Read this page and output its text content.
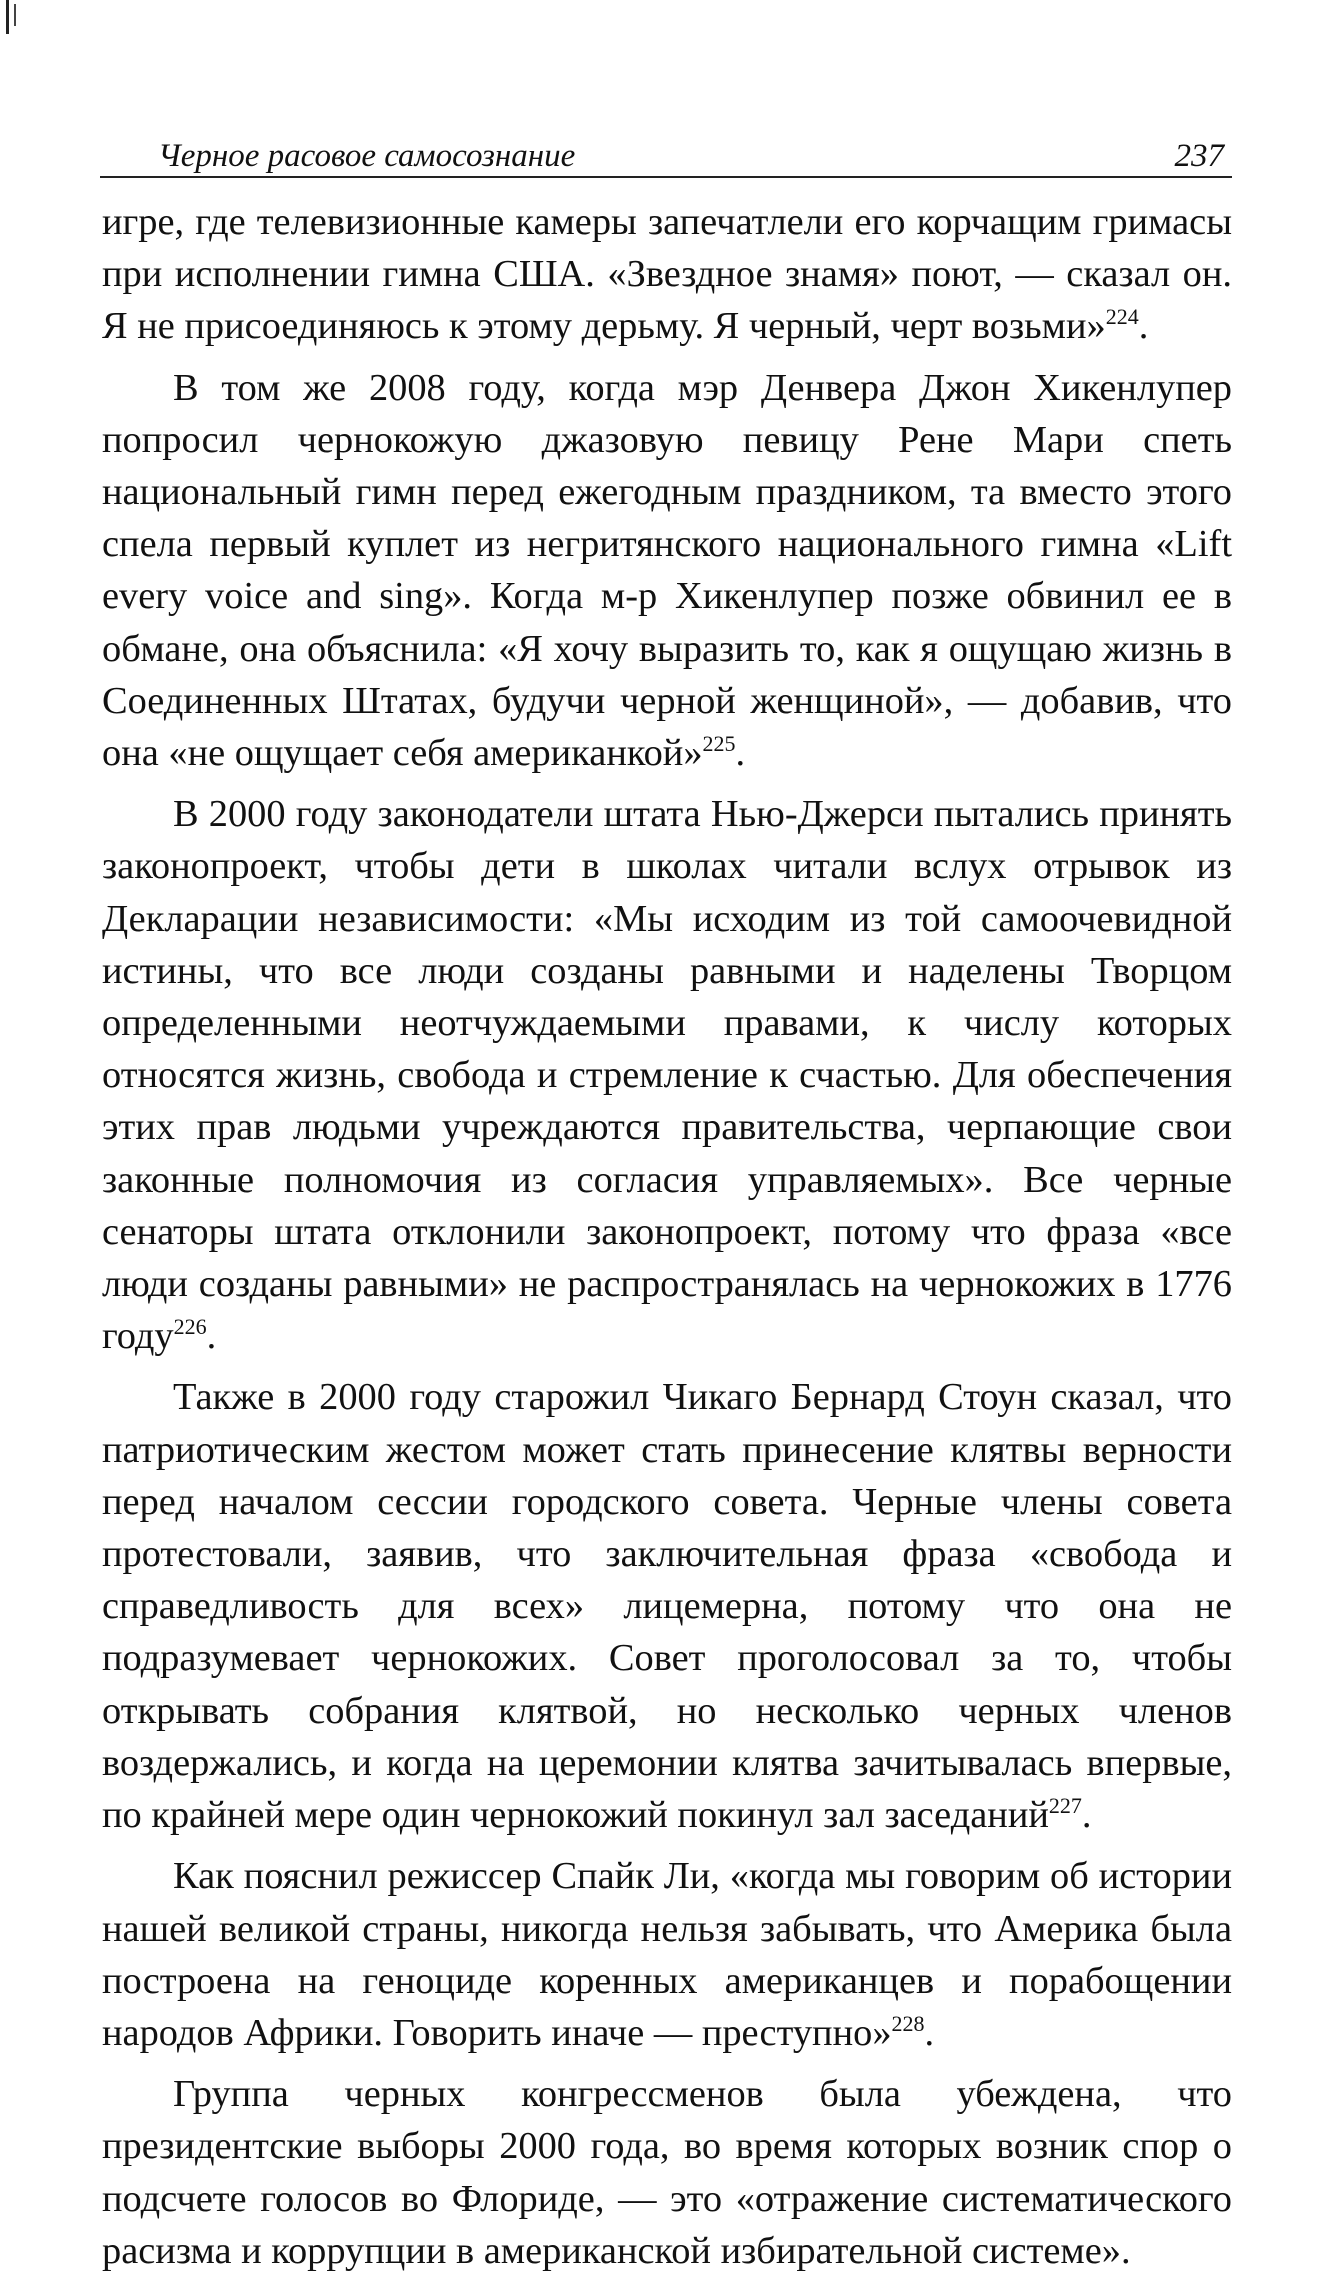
Черное расовое самосознание	237

игре, где телевизионные камеры запечатлели его корчащим гримасы при исполнении гимна США. «Звездное знамя» поют, — сказал он. Я не присоединяюсь к этому дерьму. Я черный, черт возьми»$^{224}$.

В том же 2008 году, когда мэр Денвера Джон Хикенлупер попросил чернокожую джазовую певицу Рене Мари спеть национальный гимн перед ежегодным праздником, та вместо этого спела первый куплет из негритянского национального гимна «Lift every voice and sing». Когда м-р Хикенлупер позже обвинил ее в обмане, она объяснила: «Я хочу выразить то, как я ощущаю жизнь в Соединенных Штатах, будучи черной женщиной», — добавив, что она «не ощущает себя американкой»$^{225}$.

В 2000 году законодатели штата Нью-Джерси пытались принять законопроект, чтобы дети в школах читали вслух отрывок из Декларации независимости: «Мы исходим из той самоочевидной истины, что все люди созданы равными и наделены Творцом определенными неотчуждаемыми правами, к числу которых относятся жизнь, свобода и стремление к счастью. Для обеспечения этих прав людьми учреждаются правительства, черпающие свои законные полномочия из согласия управляемых». Все черные сенаторы штата отклонили законопроект, потому что фраза «все люди созданы равными» не распространялась на чернокожих в 1776 году$^{226}$.

Также в 2000 году старожил Чикаго Бернард Стоун сказал, что патриотическим жестом может стать принесение клятвы верности перед началом сессии городского совета. Черные члены совета протестовали, заявив, что заключительная фраза «свобода и справедливость для всех» лицемерна, потому что она не подразумевает чернокожих. Совет проголосовал за то, чтобы открывать собрания клятвой, но несколько черных членов воздержались, и когда на церемонии клятва зачитывалась впервые, по крайней мере один чернокожий покинул зал заседаний$^{227}$.

Как пояснил режиссер Спайк Ли, «когда мы говорим об истории нашей великой страны, никогда нельзя забывать, что Америка была построена на геноциде коренных американцев и порабощении народов Африки. Говорить иначе — преступно»$^{228}$.

Группа черных конгрессменов была убеждена, что президентские выборы 2000 года, во время которых возник спор о подсчете голосов во Флориде, — это «отражение систематического расизма и коррупции в американской избирательной системе».
